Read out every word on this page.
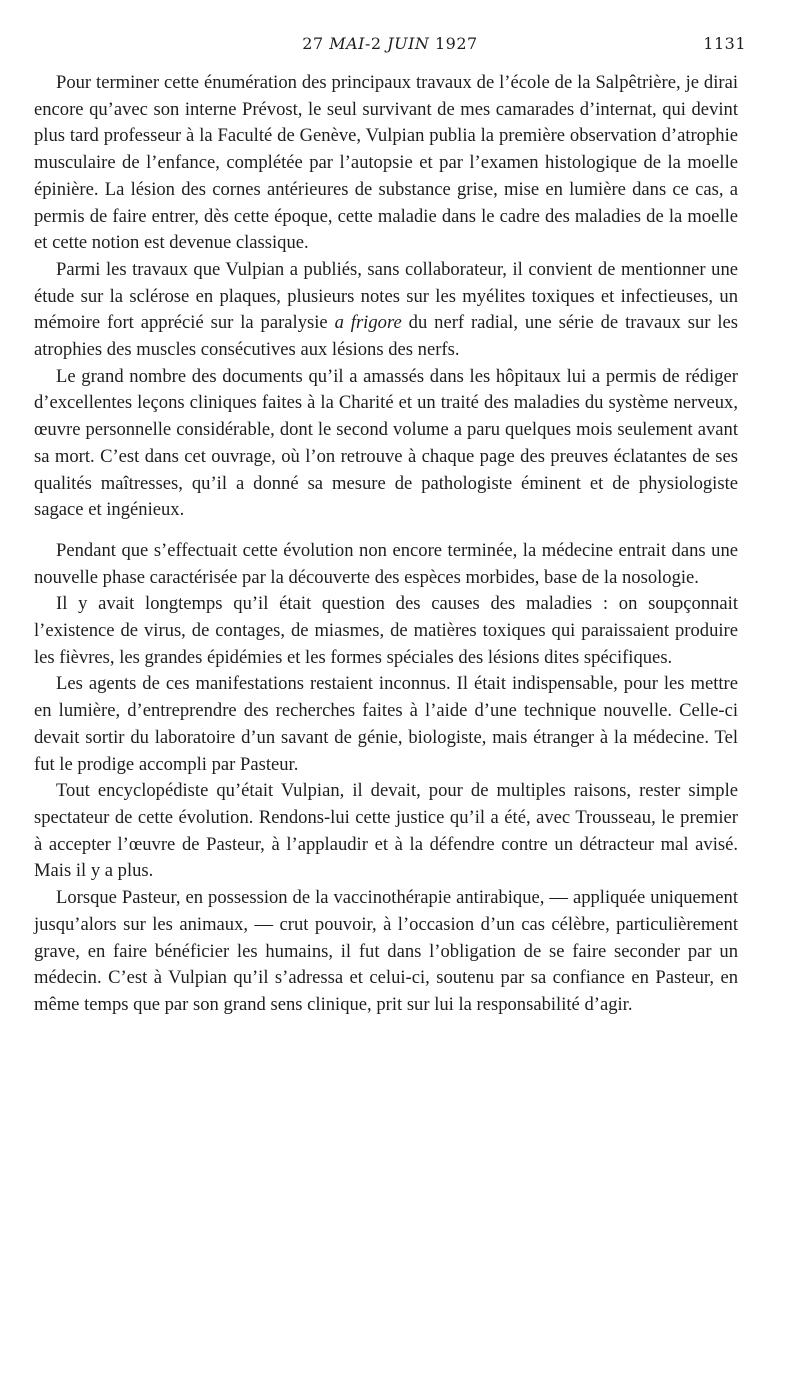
27 MAI-2 JUIN 1927	1131

Pour terminer cette énumération des principaux travaux de l’école de la Salpêtrière, je dirai encore qu’avec son interne Prévost, le seul survivant de mes camarades d’internat, qui devint plus tard professeur à la Faculté de Genève, Vulpian publia la première observation d’atrophie musculaire de l’enfance, complétée par l’autopsie et par l’examen histologique de la moelle épinière. La lésion des cornes antérieures de substance grise, mise en lumière dans ce cas, a permis de faire entrer, dès cette époque, cette maladie dans le cadre des maladies de la moelle et cette notion est devenue classique.

Parmi les travaux que Vulpian a publiés, sans collaborateur, il convient de mentionner une étude sur la sclérose en plaques, plusieurs notes sur les myélites toxiques et infectieuses, un mémoire fort apprécié sur la paralysie a frigore du nerf radial, une série de travaux sur les atrophies des muscles consécutives aux lésions des nerfs.

Le grand nombre des documents qu’il a amassés dans les hôpitaux lui a permis de rédiger d’excellentes leçons cliniques faites à la Charité et un traité des maladies du système nerveux, œuvre personnelle considérable, dont le second volume a paru quelques mois seulement avant sa mort. C’est dans cet ouvrage, où l’on retrouve à chaque page des preuves éclatantes de ses qualités maîtresses, qu’il a donné sa mesure de pathologiste éminent et de physiologiste sagace et ingénieux.

Pendant que s’effectuait cette évolution non encore terminée, la médecine entrait dans une nouvelle phase caractérisée par la découverte des espèces morbides, base de la nosologie.

Il y avait longtemps qu’il était question des causes des maladies : on soupçonnait l’existence de virus, de contages, de miasmes, de matières toxiques qui paraissaient produire les fièvres, les grandes épidémies et les formes spéciales des lésions dites spécifiques.

Les agents de ces manifestations restaient inconnus. Il était indispensable, pour les mettre en lumière, d’entreprendre des recherches faites à l’aide d’une technique nouvelle. Celle-ci devait sortir du laboratoire d’un savant de génie, biologiste, mais étranger à la médecine. Tel fut le prodige accompli par Pasteur.

Tout encyclopédiste qu’était Vulpian, il devait, pour de multiples raisons, rester simple spectateur de cette évolution. Rendons-lui cette justice qu’il a été, avec Trousseau, le premier à accepter l’œuvre de Pasteur, à l’applaudir et à la défendre contre un détracteur mal avisé. Mais il y a plus.

Lorsque Pasteur, en possession de la vaccinothérapie antirabique, — appliquée uniquement jusqu’alors sur les animaux, — crut pouvoir, à l’occasion d’un cas célèbre, particulièrement grave, en faire bénéficier les humains, il fut dans l’obligation de se faire seconder par un médecin. C’est à Vulpian qu’il s’adressa et celui-ci, soutenu par sa confiance en Pasteur, en même temps que par son grand sens clinique, prit sur lui la responsabilité d’agir.
